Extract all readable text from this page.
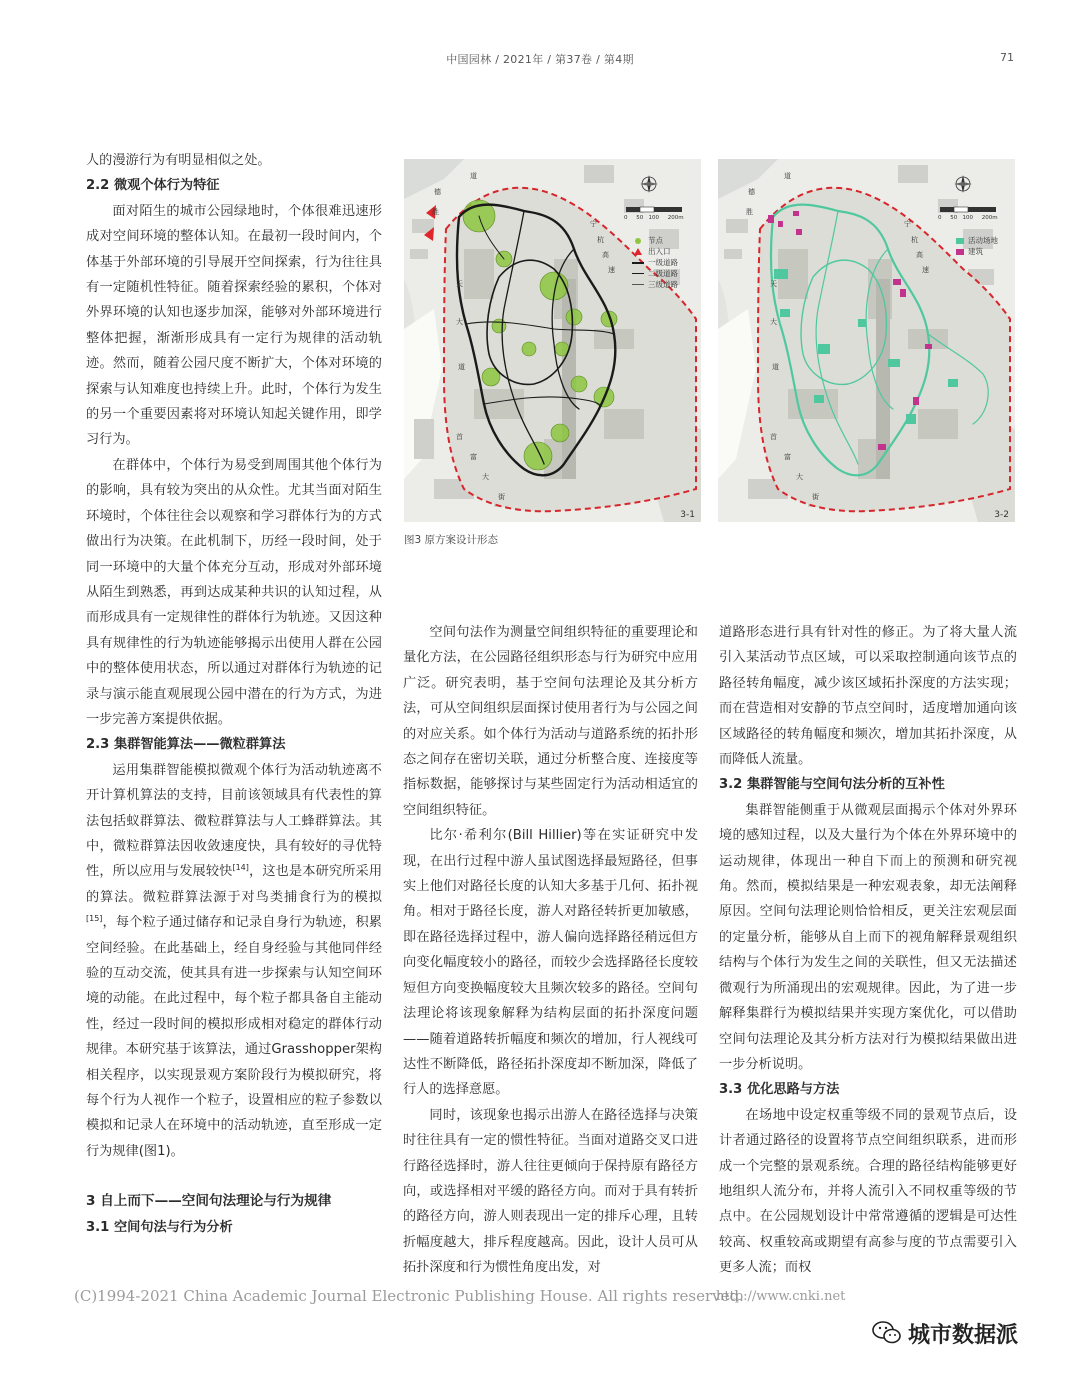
中国园林 / 2021年 / 第37卷 / 第4期	71

人的漫游行为有明显相似之处。

2.2 微观个体行为特征

面对陌生的城市公园绿地时，个体很难迅速形成对空间环境的整体认知。在最初一段时间内，个体基于外部环境的引导展开空间探索，行为往往具有一定随机性特征。随着探索经验的累积，个体对外界环境的认知也逐步加深，能够对外部环境进行整体把握，渐渐形成具有一定行为规律的活动轨迹。然而，随着公园尺度不断扩大，个体对环境的探索与认知难度也持续上升。此时，个体行为发生的另一个重要因素将对环境认知起关键作用，即学习行为。

在群体中，个体行为易受到周围其他个体行为的影响，具有较为突出的从众性。尤其当面对陌生环境时，个体往往会以观察和学习群体行为的方式做出行为决策。在此机制下，历经一段时间，处于同一环境中的大量个体充分互动，形成对外部环境从陌生到熟悉，再到达成某种共识的认知过程，从而形成具有一定规律性的群体行为轨迹。又因这种具有规律性的行为轨迹能够揭示出使用人群在公园中的整体使用状态，所以通过对群体行为轨迹的记录与演示能直观展现公园中潜在的行为方式，为进一步完善方案提供依据。

2.3 集群智能算法——微粒群算法

运用集群智能模拟微观个体行为活动轨迹离不开计算机算法的支持，目前该领域具有代表性的算法包括蚁群算法、微粒群算法与人工蜂群算法。其中，微粒群算法因收敛速度快，具有较好的寻优特性，所以应用与发展较快[14]，这也是本研究所采用的算法。微粒群算法源于对鸟类捕食行为的模拟[15]，每个粒子通过储存和记录自身行为轨迹，积累空间经验。在此基础上，经自身经验与其他同伴经验的互动交流，使其具有进一步探索与认知空间环境的动能。在此过程中，每个粒子都具备自主能动性，经过一段时间的模拟形成相对稳定的群体行动规律。本研究基于该算法，通过Grasshopper架构相关程序，以实现景观方案阶段行为模拟研究，将每个行为人视作一个粒子，设置相应的粒子参数以模拟和记录人在环境中的活动轨迹，直至形成一定行为规律(图1)。

3 自上而下——空间句法理论与行为规律
3.1 空间句法与行为分析
0 50 100 200m
节点
出入口
一级道路
二级道路
三级道路
德
胜
天
大
道
首
富
大
街
道
宁
杭
高
速
3-1
0 50 100 200m
活动场地
建筑
德
胜
天
大
道
首
富
大
街
道
宁
杭
高
速
3-2
图3 原方案设计形态

空间句法作为测量空间组织特征的重要理论和量化方法，在公园路径组织形态与行为研究中应用广泛。研究表明，基于空间句法理论及其分析方法，可从空间组织层面探讨使用者行为与公园之间的对应关系。如个体行为活动与道路系统的拓扑形态之间存在密切关联，通过分析整合度、连接度等指标数据，能够探讨与某些固定行为活动相适宜的空间组织特征。

比尔·希利尔(Bill Hillier)等在实证研究中发现，在出行过程中游人虽试图选择最短路径，但事实上他们对路径长度的认知大多基于几何、拓扑视角。相对于路径长度，游人对路径转折更加敏感，即在路径选择过程中，游人偏向选择路径稍远但方向变化幅度较小的路径，而较少会选择路径长度较短但方向变换幅度较大且频次较多的路径。空间句法理论将该现象解释为结构层面的拓扑深度问题——随着道路转折幅度和频次的增加，行人视线可达性不断降低，路径拓扑深度却不断加深，降低了行人的选择意愿。

同时，该现象也揭示出游人在路径选择与决策时往往具有一定的惯性特征。当面对道路交叉口进行路径选择时，游人往往更倾向于保持原有路径方向，或选择相对平缓的路径方向。而对于具有转折的路径方向，游人则表现出一定的排斥心理，且转折幅度越大，排斥程度越高。因此，设计人员可从拓扑深度和行为惯性角度出发，对

道路形态进行具有针对性的修正。为了将大量人流引入某活动节点区域，可以采取控制通向该节点的路径转角幅度，减少该区域拓扑深度的方法实现；而在营造相对安静的节点空间时，适度增加通向该区域路径的转角幅度和频次，增加其拓扑深度，从而降低人流量。

3.2 集群智能与空间句法分析的互补性

集群智能侧重于从微观层面揭示个体对外界环境的感知过程，以及大量行为个体在外界环境中的运动规律，体现出一种自下而上的预测和研究视角。然而，模拟结果是一种宏观表象，却无法阐释原因。空间句法理论则恰恰相反，更关注宏观层面的定量分析，能够从自上而下的视角解释景观组织结构与个体行为发生之间的关联性，但又无法描述微观行为所涌现出的宏观规律。因此，为了进一步解释集群行为模拟结果并实现方案优化，可以借助空间句法理论及其分析方法对行为模拟结果做出进一步分析说明。

3.3 优化思路与方法

在场地中设定权重等级不同的景观节点后，设计者通过路径的设置将节点空间组织联系，进而形成一个完整的景观系统。合理的路径结构能够更好地组织人流分布，并将人流引入不同权重等级的节点中。在公园规划设计中常常遵循的逻辑是可达性较高、权重较高或期望有高参与度的节点需要引入更多人流；而权

(C)1994-2021 China Academic Journal Electronic Publishing House. All rights reserved.
http://www.cnki.net
城市数据派
